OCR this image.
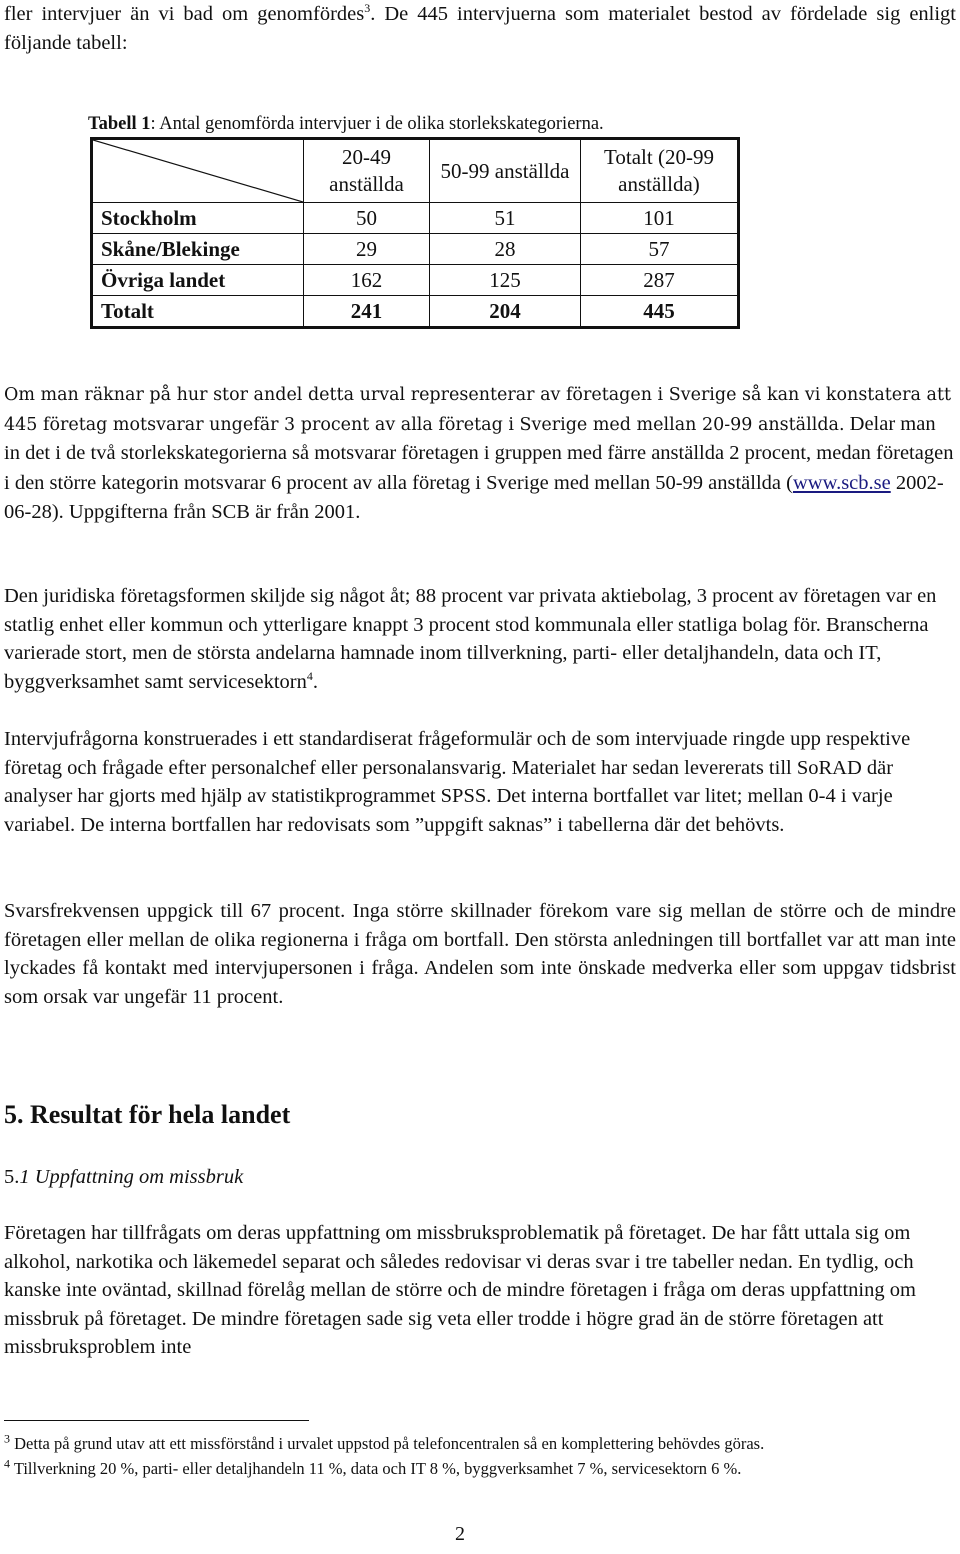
fler intervjuer än vi bad om genomfördes$^3$. De 445 intervjuerna som materialet bestod av fördelade sig enligt följande tabell:

Tabell 1: Antal genomförda intervjuer i de olika storlekskategorierna.

	20-49 anställda	50-99 anställda	Totalt (20-99 anställda)
Stockholm	50	51	101
Skåne/Blekinge	29	28	57
Övriga landet	162	125	287
Totalt	241	204	445

Om man räknar på hur stor andel detta urval representerar av företagen i Sverige så kan vi konstatera att 445 företag motsvarar ungefär 3 procent av alla företag i Sverige med mellan 20-99 anställda. Delar man in det i de två storlekskategorierna så motsvarar företagen i gruppen med färre anställda 2 procent, medan företagen i den större kategorin motsvarar 6 procent av alla företag i Sverige med mellan 50-99 anställda (www.scb.se 2002-06-28). Uppgifterna från SCB är från 2001.

Den juridiska företagsformen skiljde sig något åt; 88 procent var privata aktiebolag, 3 procent av företagen var en statlig enhet eller kommun och ytterligare knappt 3 procent stod kommunala eller statliga bolag för. Branscherna varierade stort, men de största andelarna hamnade inom tillverkning, parti- eller detaljhandeln, data och IT, byggverksamhet samt servicesektorn$^4$.

Intervjufrågorna konstruerades i ett standardiserat frågeformulär och de som intervjuade ringde upp respektive företag och frågade efter personalchef eller personalansvarig. Materialet har sedan levererats till SoRAD där analyser har gjorts med hjälp av statistikprogrammet SPSS. Det interna bortfallet var litet; mellan 0-4 i varje variabel. De interna bortfallen har redovisats som ”uppgift saknas” i tabellerna där det behövts.

Svarsfrekvensen uppgick till 67 procent. Inga större skillnader förekom vare sig mellan de större och de mindre företagen eller mellan de olika regionerna i fråga om bortfall. Den största anledningen till bortfallet var att man inte lyckades få kontakt med intervjupersonen i fråga. Andelen som inte önskade medverka eller som uppgav tidsbrist som orsak var ungefär 11 procent.

5. Resultat för hela landet

5.1 Uppfattning om missbruk

Företagen har tillfrågats om deras uppfattning om missbruksproblematik på företaget. De har fått uttala sig om alkohol, narkotika och läkemedel separat och således redovisar vi deras svar i tre tabeller nedan. En tydlig, och kanske inte oväntad, skillnad förelåg mellan de större och de mindre företagen i fråga om deras uppfattning om missbruk på företaget. De mindre företagen sade sig veta eller trodde i högre grad än de större företagen att missbruksproblem inte

$^3$ Detta på grund utav att ett missförstånd i urvalet uppstod på telefoncentralen så en komplettering behövdes göras.

$^4$ Tillverkning 20 %, parti- eller detaljhandeln 11 %, data och IT 8 %, byggverksamhet 7 %, servicesektorn 6 %.

2
